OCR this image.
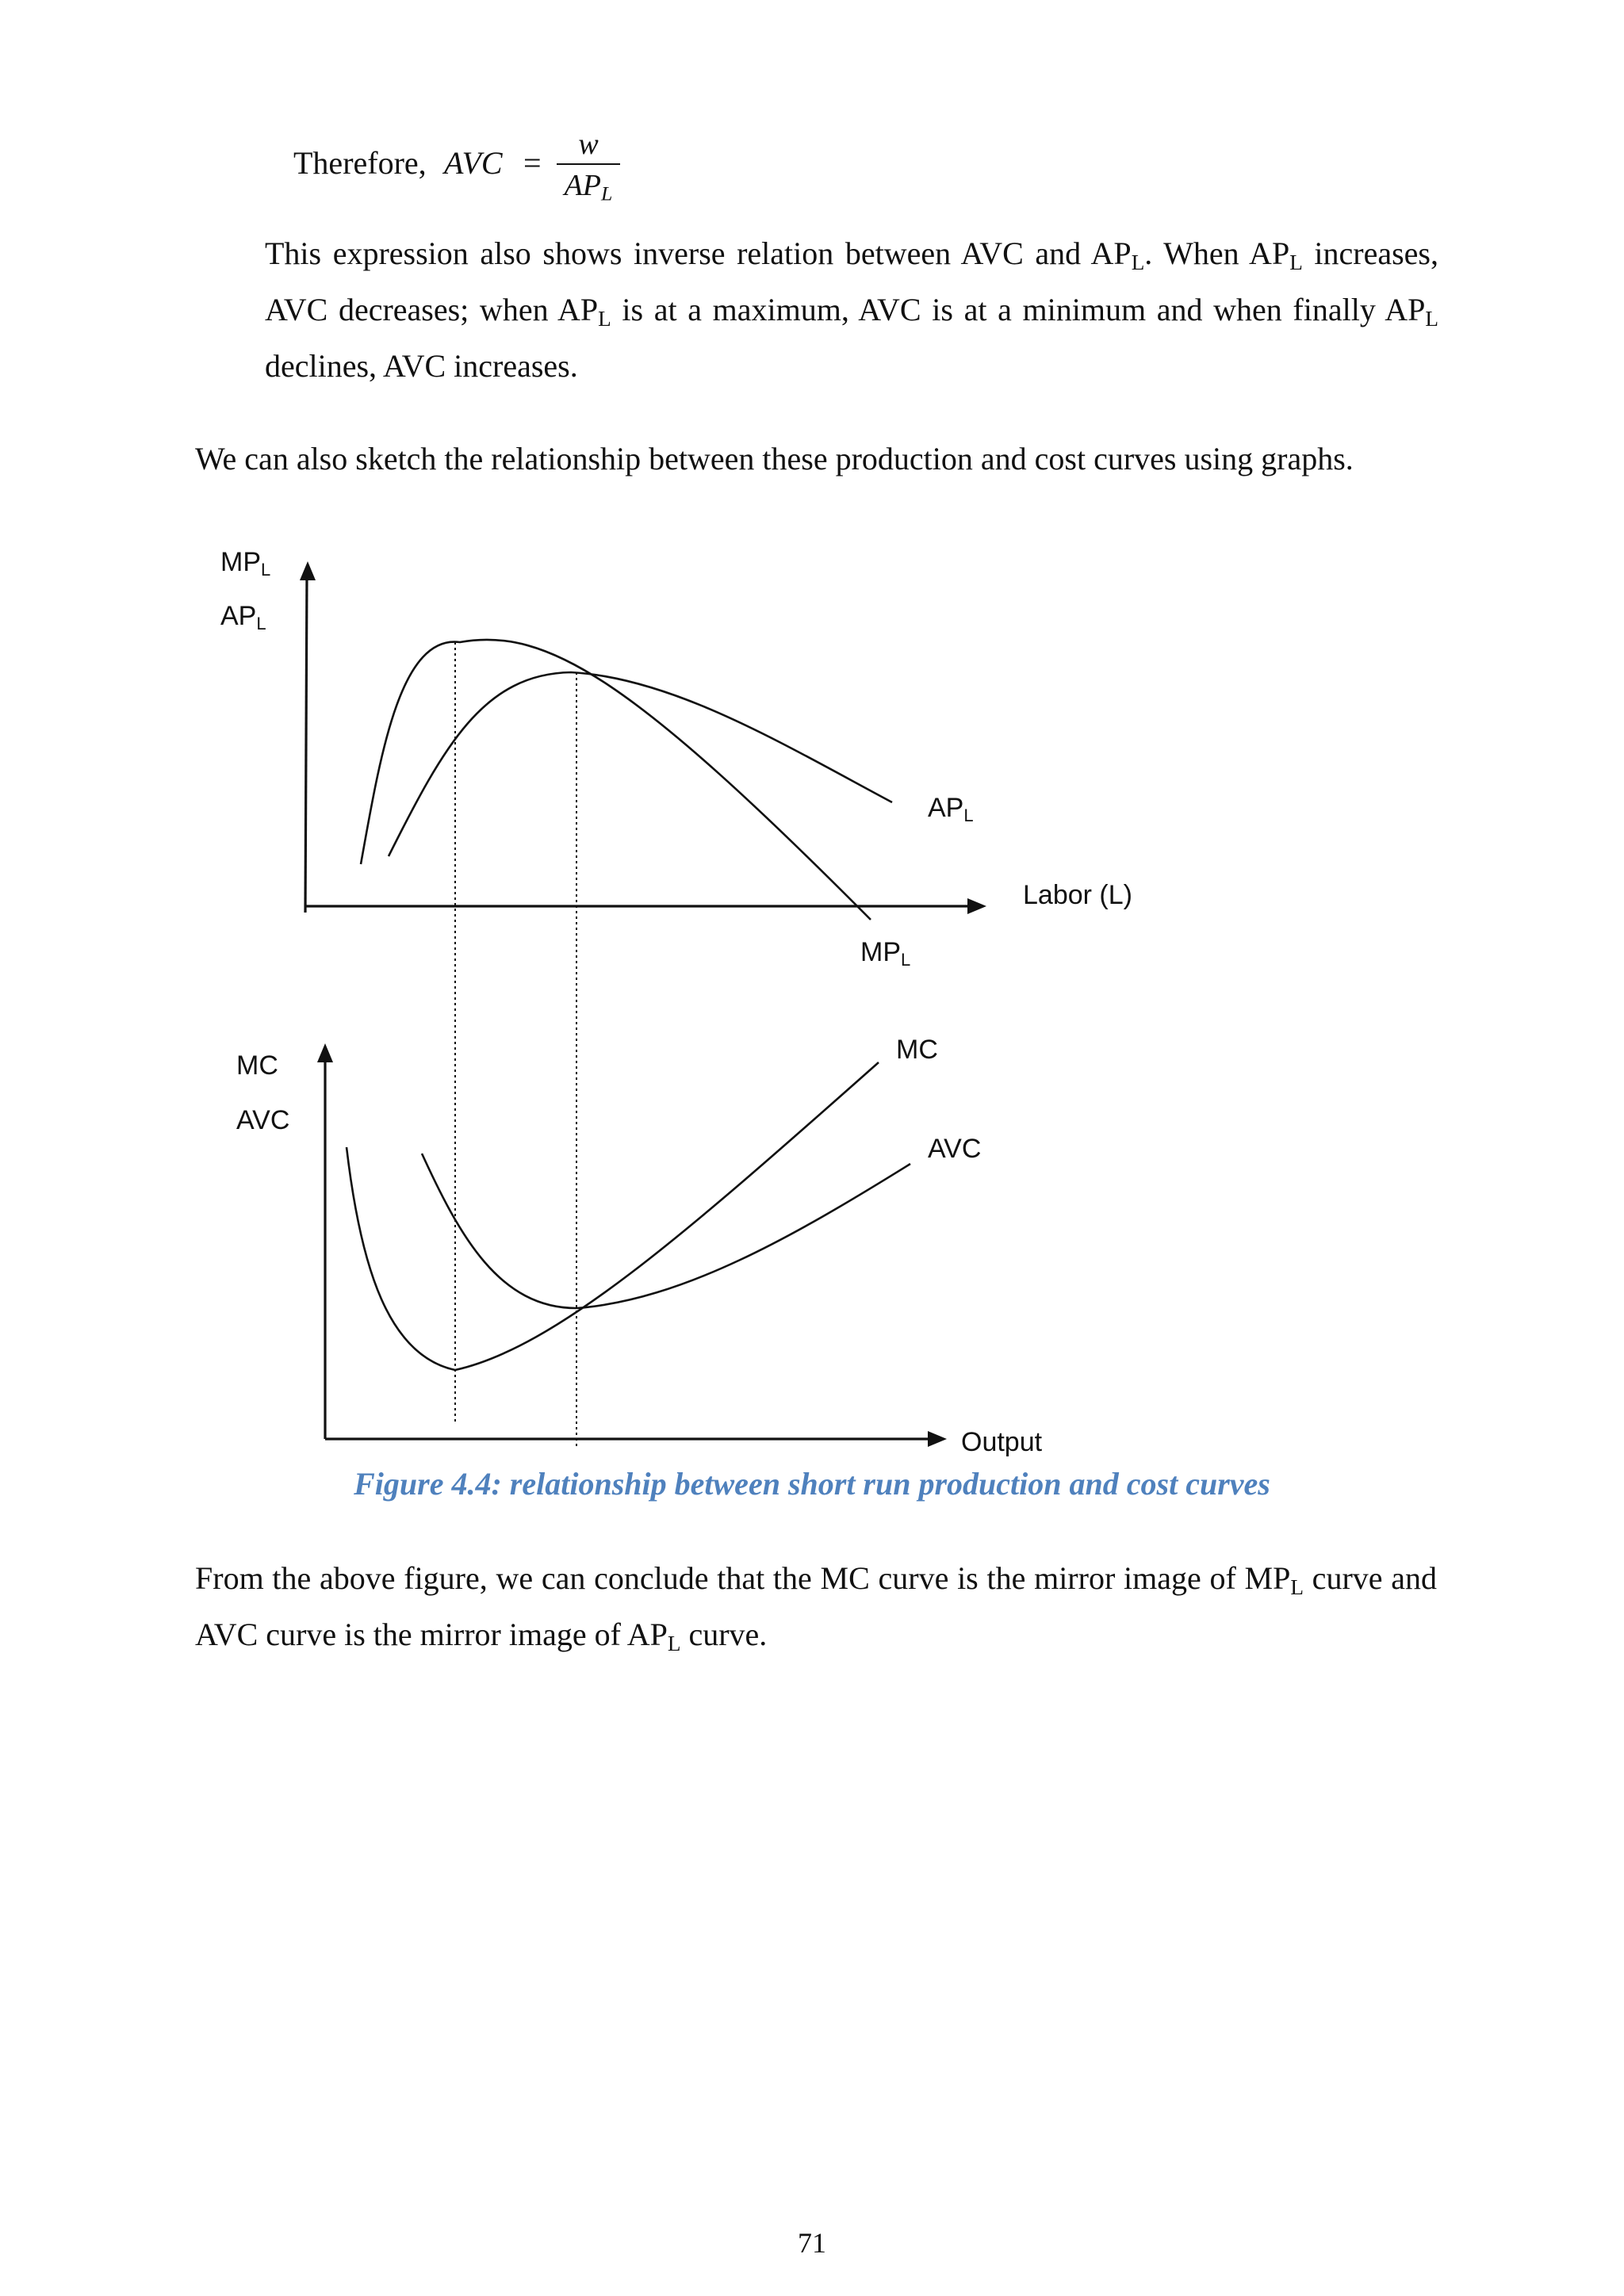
Therefore, AVC =
w
$AP_L$
This expression also shows inverse relation between AVC and $AP_L$. When $AP_L$ increases, AVC decreases; when $AP_L$ is at a maximum, AVC is at a minimum and when finally $AP_L$ declines, AVC increases.
We can also sketch the relationship between these production and cost curves using graphs.
MPL
APL
Labor (L)
APL
MPL
MC
AVC
Output
MC
AVC
Figure 4.4: relationship between short run production and cost curves
From the above figure, we can conclude that the MC curve is the mirror image of $MP_L$ curve and AVC curve is the mirror image of $AP_L$ curve.
71
